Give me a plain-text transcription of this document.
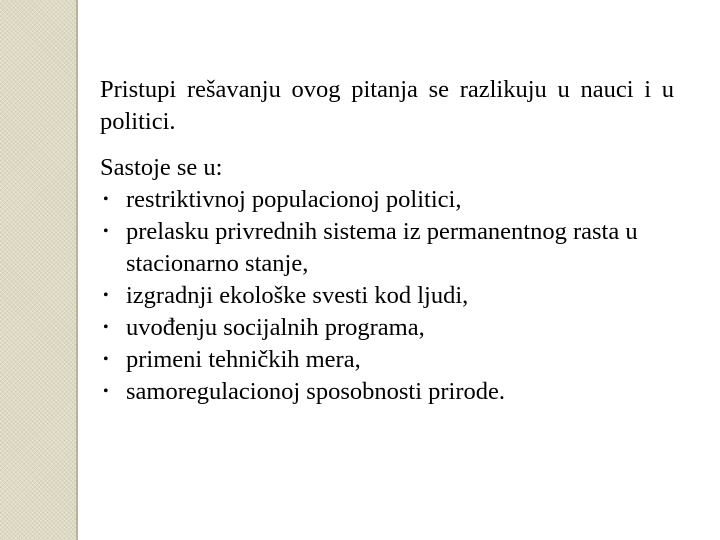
Pristupi rešavanju ovog pitanja se razlikuju u nauci i u politici.

Sastoje se u:

• restriktivnoj populacionoj politici,
• prelasku privrednih sistema iz permanentnog rasta u stacionarno stanje,
• izgradnji ekološke svesti kod ljudi,
• uvođenju socijalnih programa,
• primeni tehničkih mera,
• samoregulacionoj sposobnosti prirode.
